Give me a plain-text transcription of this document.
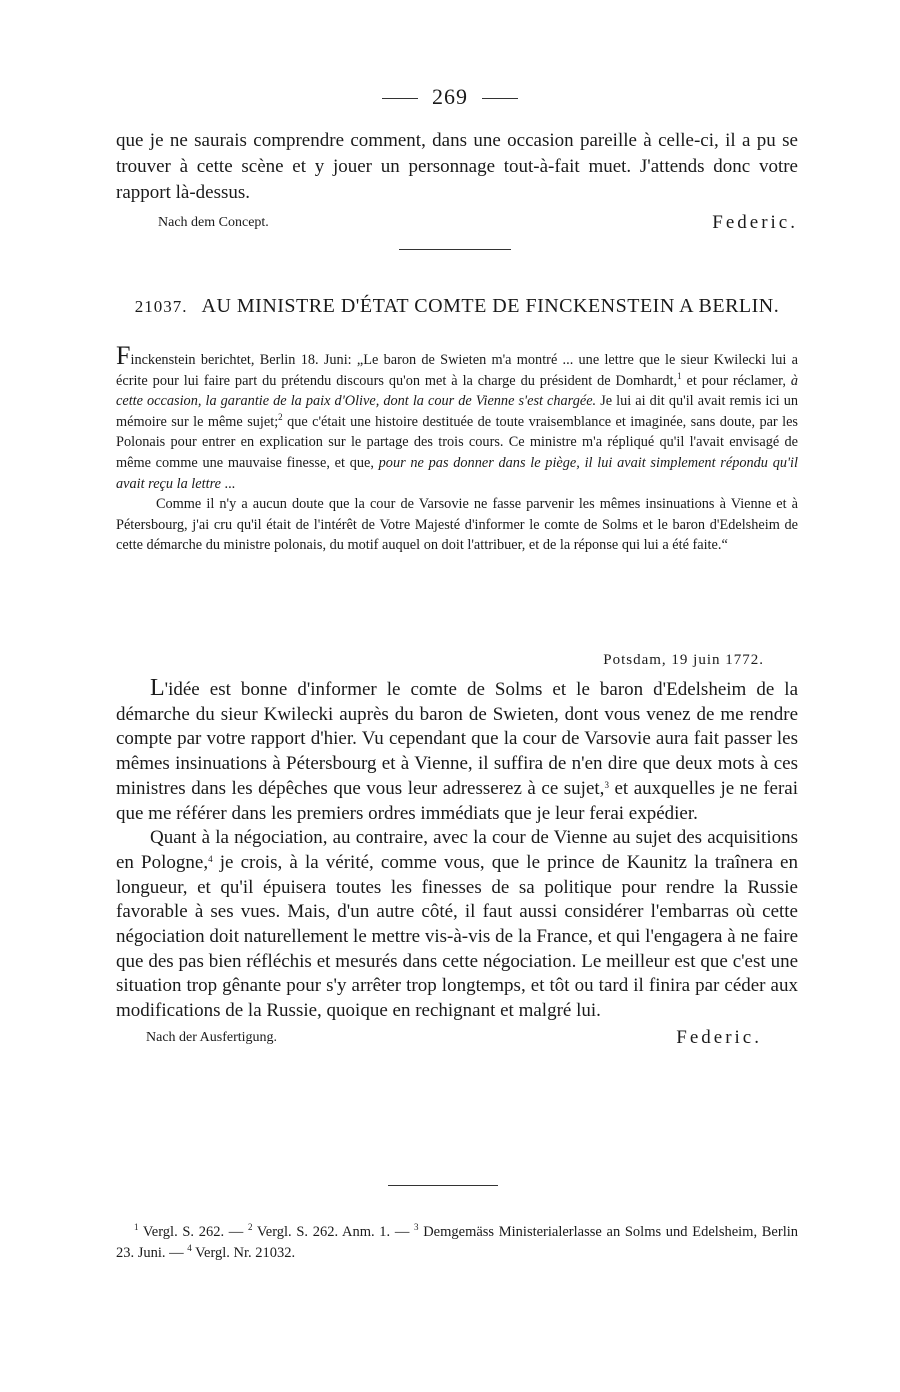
269
que je ne saurais comprendre comment, dans une occasion pareille à celle-ci, il a pu se trouver à cette scène et y jouer un personnage tout-à-fait muet. J'attends donc votre rapport là-dessus.
Nach dem Concept.	Federic.
21037. AU MINISTRE D'ÉTAT COMTE DE FINCKENSTEIN A BERLIN.

Finckenstein berichtet, Berlin 18. Juni: „Le baron de Swieten m'a montré ... une lettre que le sieur Kwilecki lui a écrite pour lui faire part du prétendu discours qu'on met à la charge du président de Domhardt,$^1$ et pour réclamer, à cette occasion, la garantie de la paix d'Olive, dont la cour de Vienne s'est chargée. Je lui ai dit qu'il avait remis ici un mémoire sur le même sujet;$^2$ que c'était une histoire destituée de toute vraisemblance et imaginée, sans doute, par les Polonais pour entrer en explication sur le partage des trois cours. Ce ministre m'a répliqué qu'il l'avait envisagé de même comme une mauvaise finesse, et que, pour ne pas donner dans le piège, il lui avait simplement répondu qu'il avait reçu la lettre ...

Comme il n'y a aucun doute que la cour de Varsovie ne fasse parvenir les mêmes insinuations à Vienne et à Pétersbourg, j'ai cru qu'il était de l'intérêt de Votre Majesté d'informer le comte de Solms et le baron d'Edelsheim de cette démarche du ministre polonais, du motif auquel on doit l'attribuer, et de la réponse qui lui a été faite.“

Potsdam, 19 juin 1772.

L'idée est bonne d'informer le comte de Solms et le baron d'Edelsheim de la démarche du sieur Kwilecki auprès du baron de Swieten, dont vous venez de me rendre compte par votre rapport d'hier. Vu cependant que la cour de Varsovie aura fait passer les mêmes insinuations à Pétersbourg et à Vienne, il suffira de n'en dire que deux mots à ces ministres dans les dépêches que vous leur adresserez à ce sujet,$^3$ et auxquelles je ne ferai que me référer dans les premiers ordres immédiats que je leur ferai expédier.

Quant à la négociation, au contraire, avec la cour de Vienne au sujet des acquisitions en Pologne,$^4$ je crois, à la vérité, comme vous, que le prince de Kaunitz la traînera en longueur, et qu'il épuisera toutes les finesses de sa politique pour rendre la Russie favorable à ses vues. Mais, d'un autre côté, il faut aussi considérer l'embarras où cette négociation doit naturellement le mettre vis-à-vis de la France, et qui l'engagera à ne faire que des pas bien réfléchis et mesurés dans cette négociation. Le meilleur est que c'est une situation trop gênante pour s'y arrêter trop longtemps, et tôt ou tard il finira par céder aux modifications de la Russie, quoique en rechignant et malgré lui.

Nach der Ausfertigung.	Federic.
$^1$ Vergl. S. 262. — $^2$ Vergl. S. 262. Anm. 1. — $^3$ Demgemäss Ministerialerlasse an Solms und Edelsheim, Berlin 23. Juni. — $^4$ Vergl. Nr. 21032.
